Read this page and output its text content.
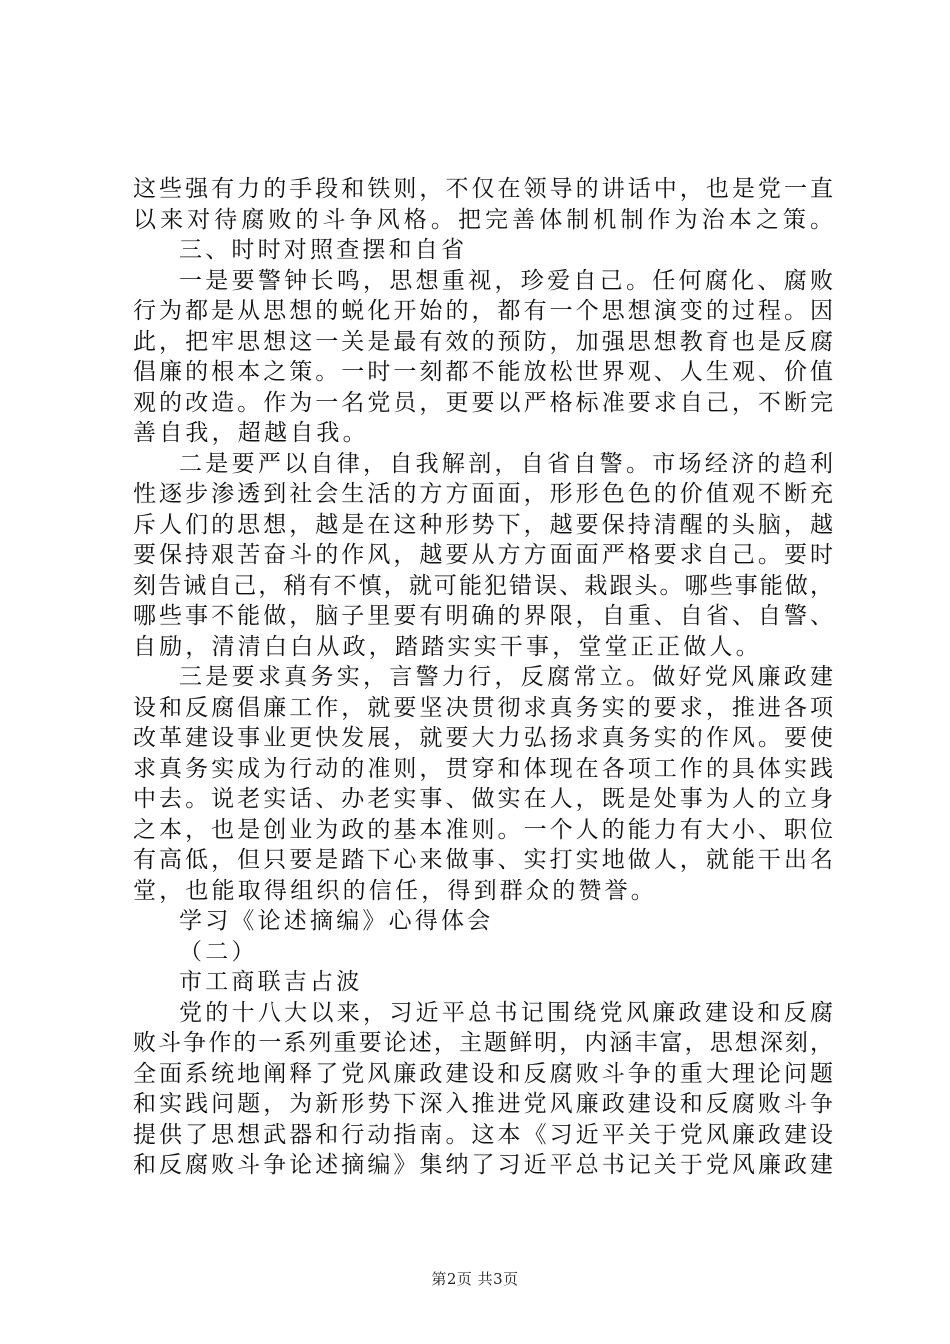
这些强有力的手段和铁则，不仅在领导的讲话中，也是党一直
以来对待腐败的斗争风格。把完善体制机制作为治本之策。
三、时时对照查摆和自省
一是要警钟长鸣，思想重视，珍爱自己。任何腐化、腐败
行为都是从思想的蜕化开始的，都有一个思想演变的过程。因
此，把牢思想这一关是最有效的预防，加强思想教育也是反腐
倡廉的根本之策。一时一刻都不能放松世界观、人生观、价值
观的改造。作为一名党员，更要以严格标准要求自己，不断完
善自我，超越自我。
二是要严以自律，自我解剖，自省自警。市场经济的趋利
性逐步渗透到社会生活的方方面面，形形色色的价值观不断充
斥人们的思想，越是在这种形势下，越要保持清醒的头脑，越
要保持艰苦奋斗的作风，越要从方方面面严格要求自己。要时
刻告诫自己，稍有不慎，就可能犯错误、栽跟头。哪些事能做，
哪些事不能做，脑子里要有明确的界限，自重、自省、自警、
自励，清清白白从政，踏踏实实干事，堂堂正正做人。
三是要求真务实，言警力行，反腐常立。做好党风廉政建
设和反腐倡廉工作，就要坚决贯彻求真务实的要求，推进各项
改革建设事业更快发展，就要大力弘扬求真务实的作风。要使
求真务实成为行动的准则，贯穿和体现在各项工作的具体实践
中去。说老实话、办老实事、做实在人，既是处事为人的立身
之本，也是创业为政的基本准则。一个人的能力有大小、职位
有高低，但只要是踏下心来做事、实打实地做人，就能干出名
堂，也能取得组织的信任，得到群众的赞誉。
学习《论述摘编》心得体会
（二）
市工商联吉占波
党的十八大以来，习近平总书记围绕党风廉政建设和反腐
败斗争作的一系列重要论述，主题鲜明，内涵丰富，思想深刻，
全面系统地阐释了党风廉政建设和反腐败斗争的重大理论问题
和实践问题，为新形势下深入推进党风廉政建设和反腐败斗争
提供了思想武器和行动指南。这本《习近平关于党风廉政建设
和反腐败斗争论述摘编》集纳了习近平总书记关于党风廉政建
第2页 共3页
